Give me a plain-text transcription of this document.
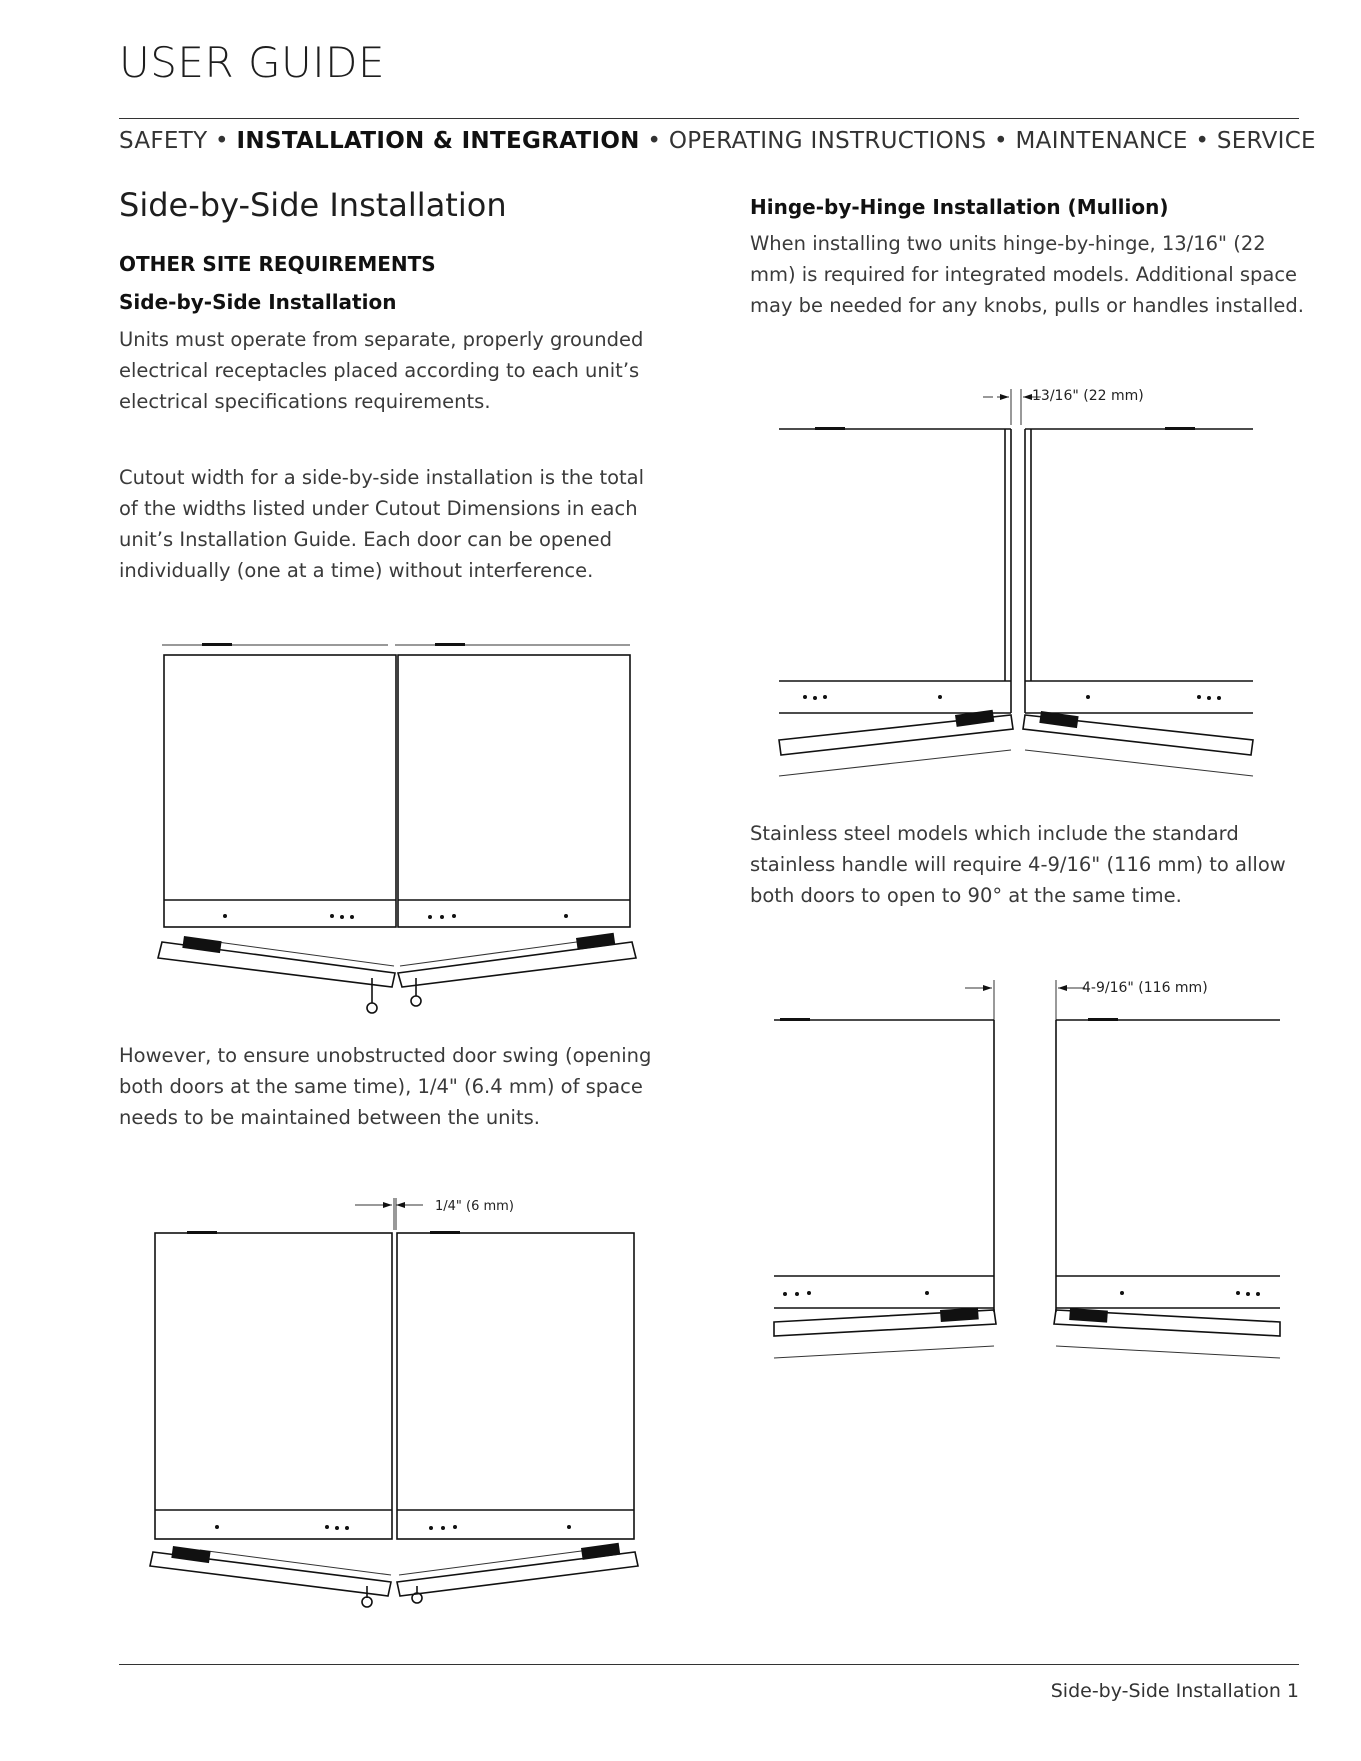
USER GUIDE
SAFETY • INSTALLATION & INTEGRATION • OPERATING INSTRUCTIONS • MAINTENANCE • SERVICE
Side-by-Side Installation
OTHER SITE REQUIREMENTS
Side-by-Side Installation
Units must operate from separate, properly grounded electrical receptacles placed according to each unit’s electrical specifications requirements.
Cutout width for a side-by-side installation is the total of the widths listed under Cutout Dimensions in each unit’s Installation Guide. Each door can be opened individually (one at a time) without interference.
However, to ensure unobstructed door swing (opening both doors at the same time), 1/4" (6.4 mm) of space needs to be maintained between the units.
1/4" (6 mm)
Hinge-by-Hinge Installation (Mullion)
When installing two units hinge-by-hinge, 13/16" (22 mm) is required for integrated models. Additional space may be needed for any knobs, pulls or handles installed.
13/16" (22 mm)
Stainless steel models which include the standard stainless handle will require 4-9/16" (116 mm) to allow both doors to open to 90° at the same time.
4-9/16" (116 mm)
Side-by-Side Installation 1
